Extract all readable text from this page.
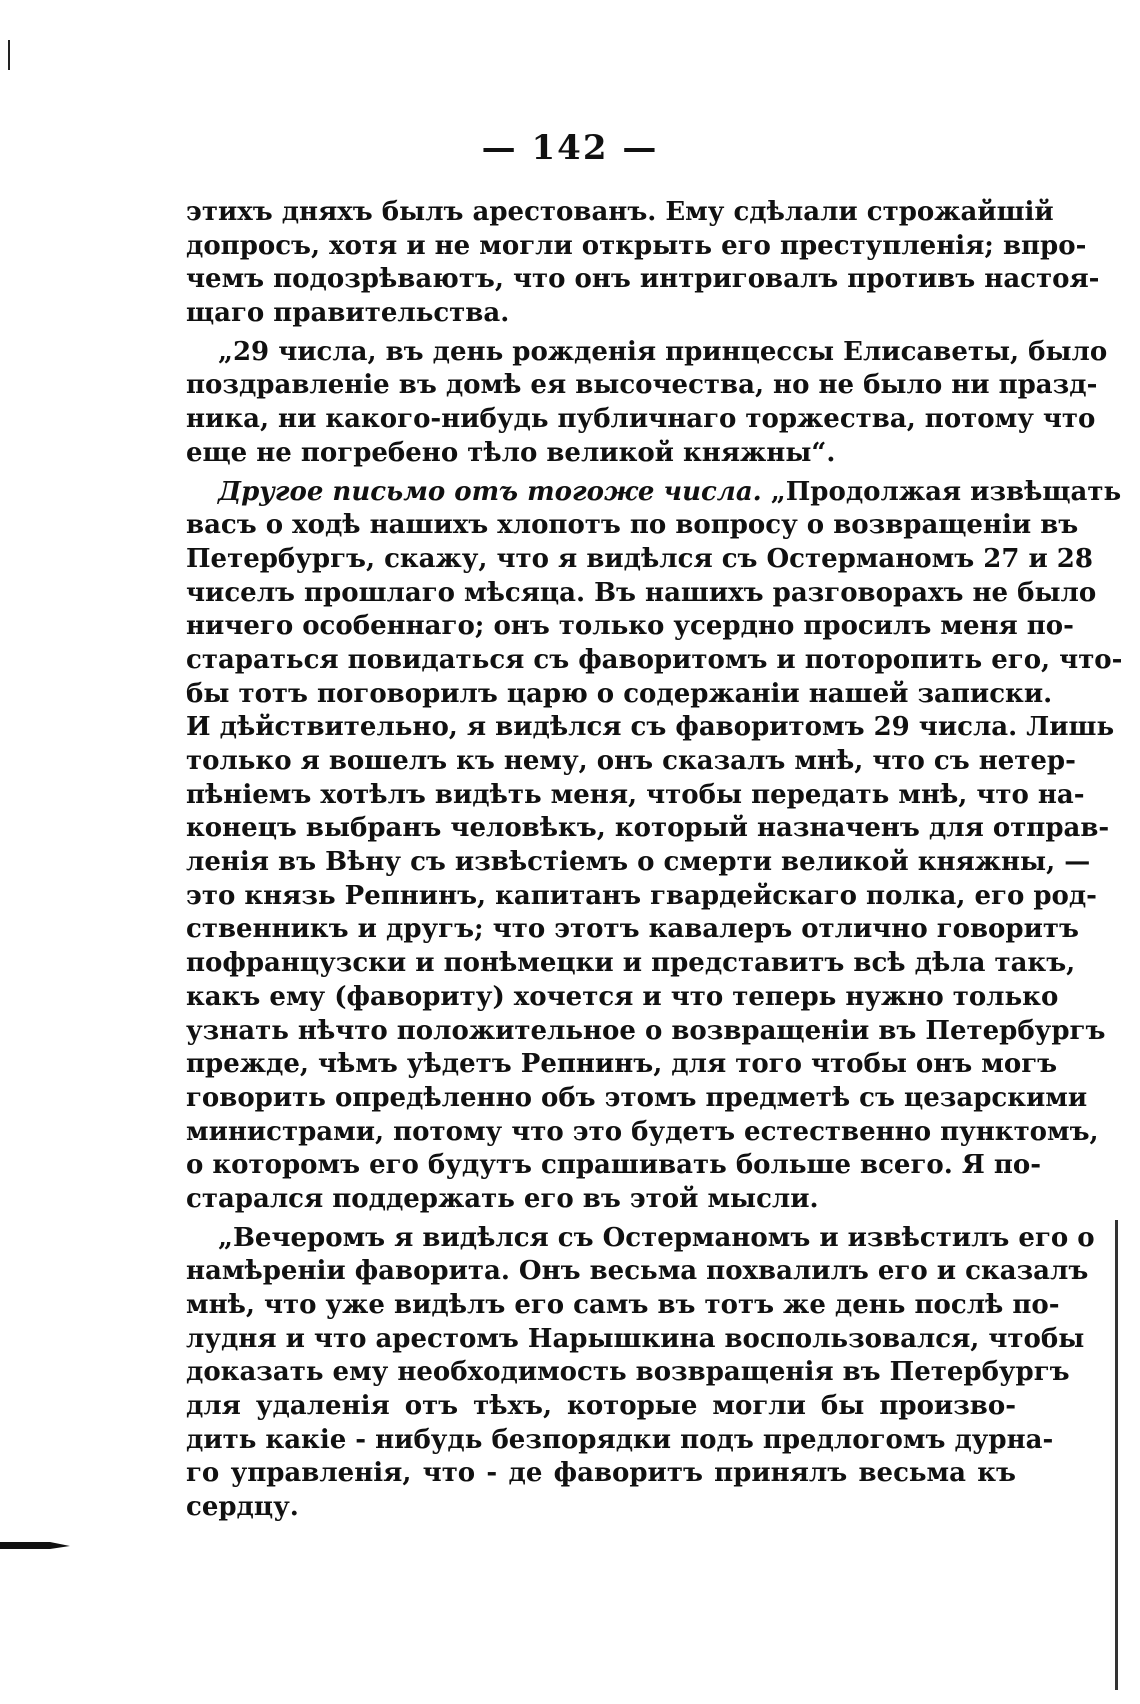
— 142 —
этихъ дняхъ былъ арестованъ. Ему сдѣлали строжайшій
допросъ, хотя и не могли открыть его преступленія; впро-
чемъ подозрѣваютъ, что онъ интриговалъ противъ настоя-
щаго правительства.
„29 числа, въ день рожденія принцессы Елисаветы, было
поздравленіе въ домѣ ея высочества, но не было ни празд-
ника, ни какого-нибудь публичнаго торжества, потому что
еще не погребено тѣло великой княжны“.
Другое письмо отъ тогоже числа. „Продолжая извѣщать
васъ о ходѣ нашихъ хлопотъ по вопросу о возвращеніи въ
Петербургъ, скажу, что я видѣлся съ Остерманомъ 27 и 28
чиселъ прошлаго мѣсяца. Въ нашихъ разговорахъ не было
ничего особеннаго; онъ только усердно просилъ меня по-
стараться повидаться съ фаворитомъ и поторопить его, что-
бы тотъ поговорилъ царю о содержаніи нашей записки.
И дѣйствительно, я видѣлся съ фаворитомъ 29 числа. Лишь
только я вошелъ къ нему, онъ сказалъ мнѣ, что съ нетер-
пѣніемъ хотѣлъ видѣть меня, чтобы передать мнѣ, что на-
конецъ выбранъ человѣкъ, который назначенъ для отправ-
ленія въ Вѣну съ извѣстіемъ о смерти великой княжны, —
это князь Репнинъ, капитанъ гвардейскаго полка, его род-
ственникъ и другъ; что этотъ кавалеръ отлично говоритъ
пофранцузски и понѣмецки и представитъ всѣ дѣла такъ,
какъ ему (фавориту) хочется и что теперь нужно только
узнать нѣчто положительное о возвращеніи въ Петербургъ
прежде, чѣмъ уѣдетъ Репнинъ, для того чтобы онъ могъ
говорить опредѣленно объ этомъ предметѣ съ цезарскими
министрами, потому что это будетъ естественно пунктомъ,
о которомъ его будутъ спрашивать больше всего. Я по-
старался поддержать его въ этой мысли.
„Вечеромъ я видѣлся съ Остерманомъ и извѣстилъ его о
намѣреніи фаворита. Онъ весьма похвалилъ его и сказалъ
мнѣ, что уже видѣлъ его самъ въ тотъ же день послѣ по-
лудня и что арестомъ Нарышкина воспользовался, чтобы
доказать ему необходимость возвращенія въ Петербургъ
для удаленія отъ тѣхъ, которые могли бы произво-
дить какіе - нибудь безпорядки подъ предлогомъ дурна-
го управленія, что - де фаворитъ принялъ весьма къ
сердцу.
